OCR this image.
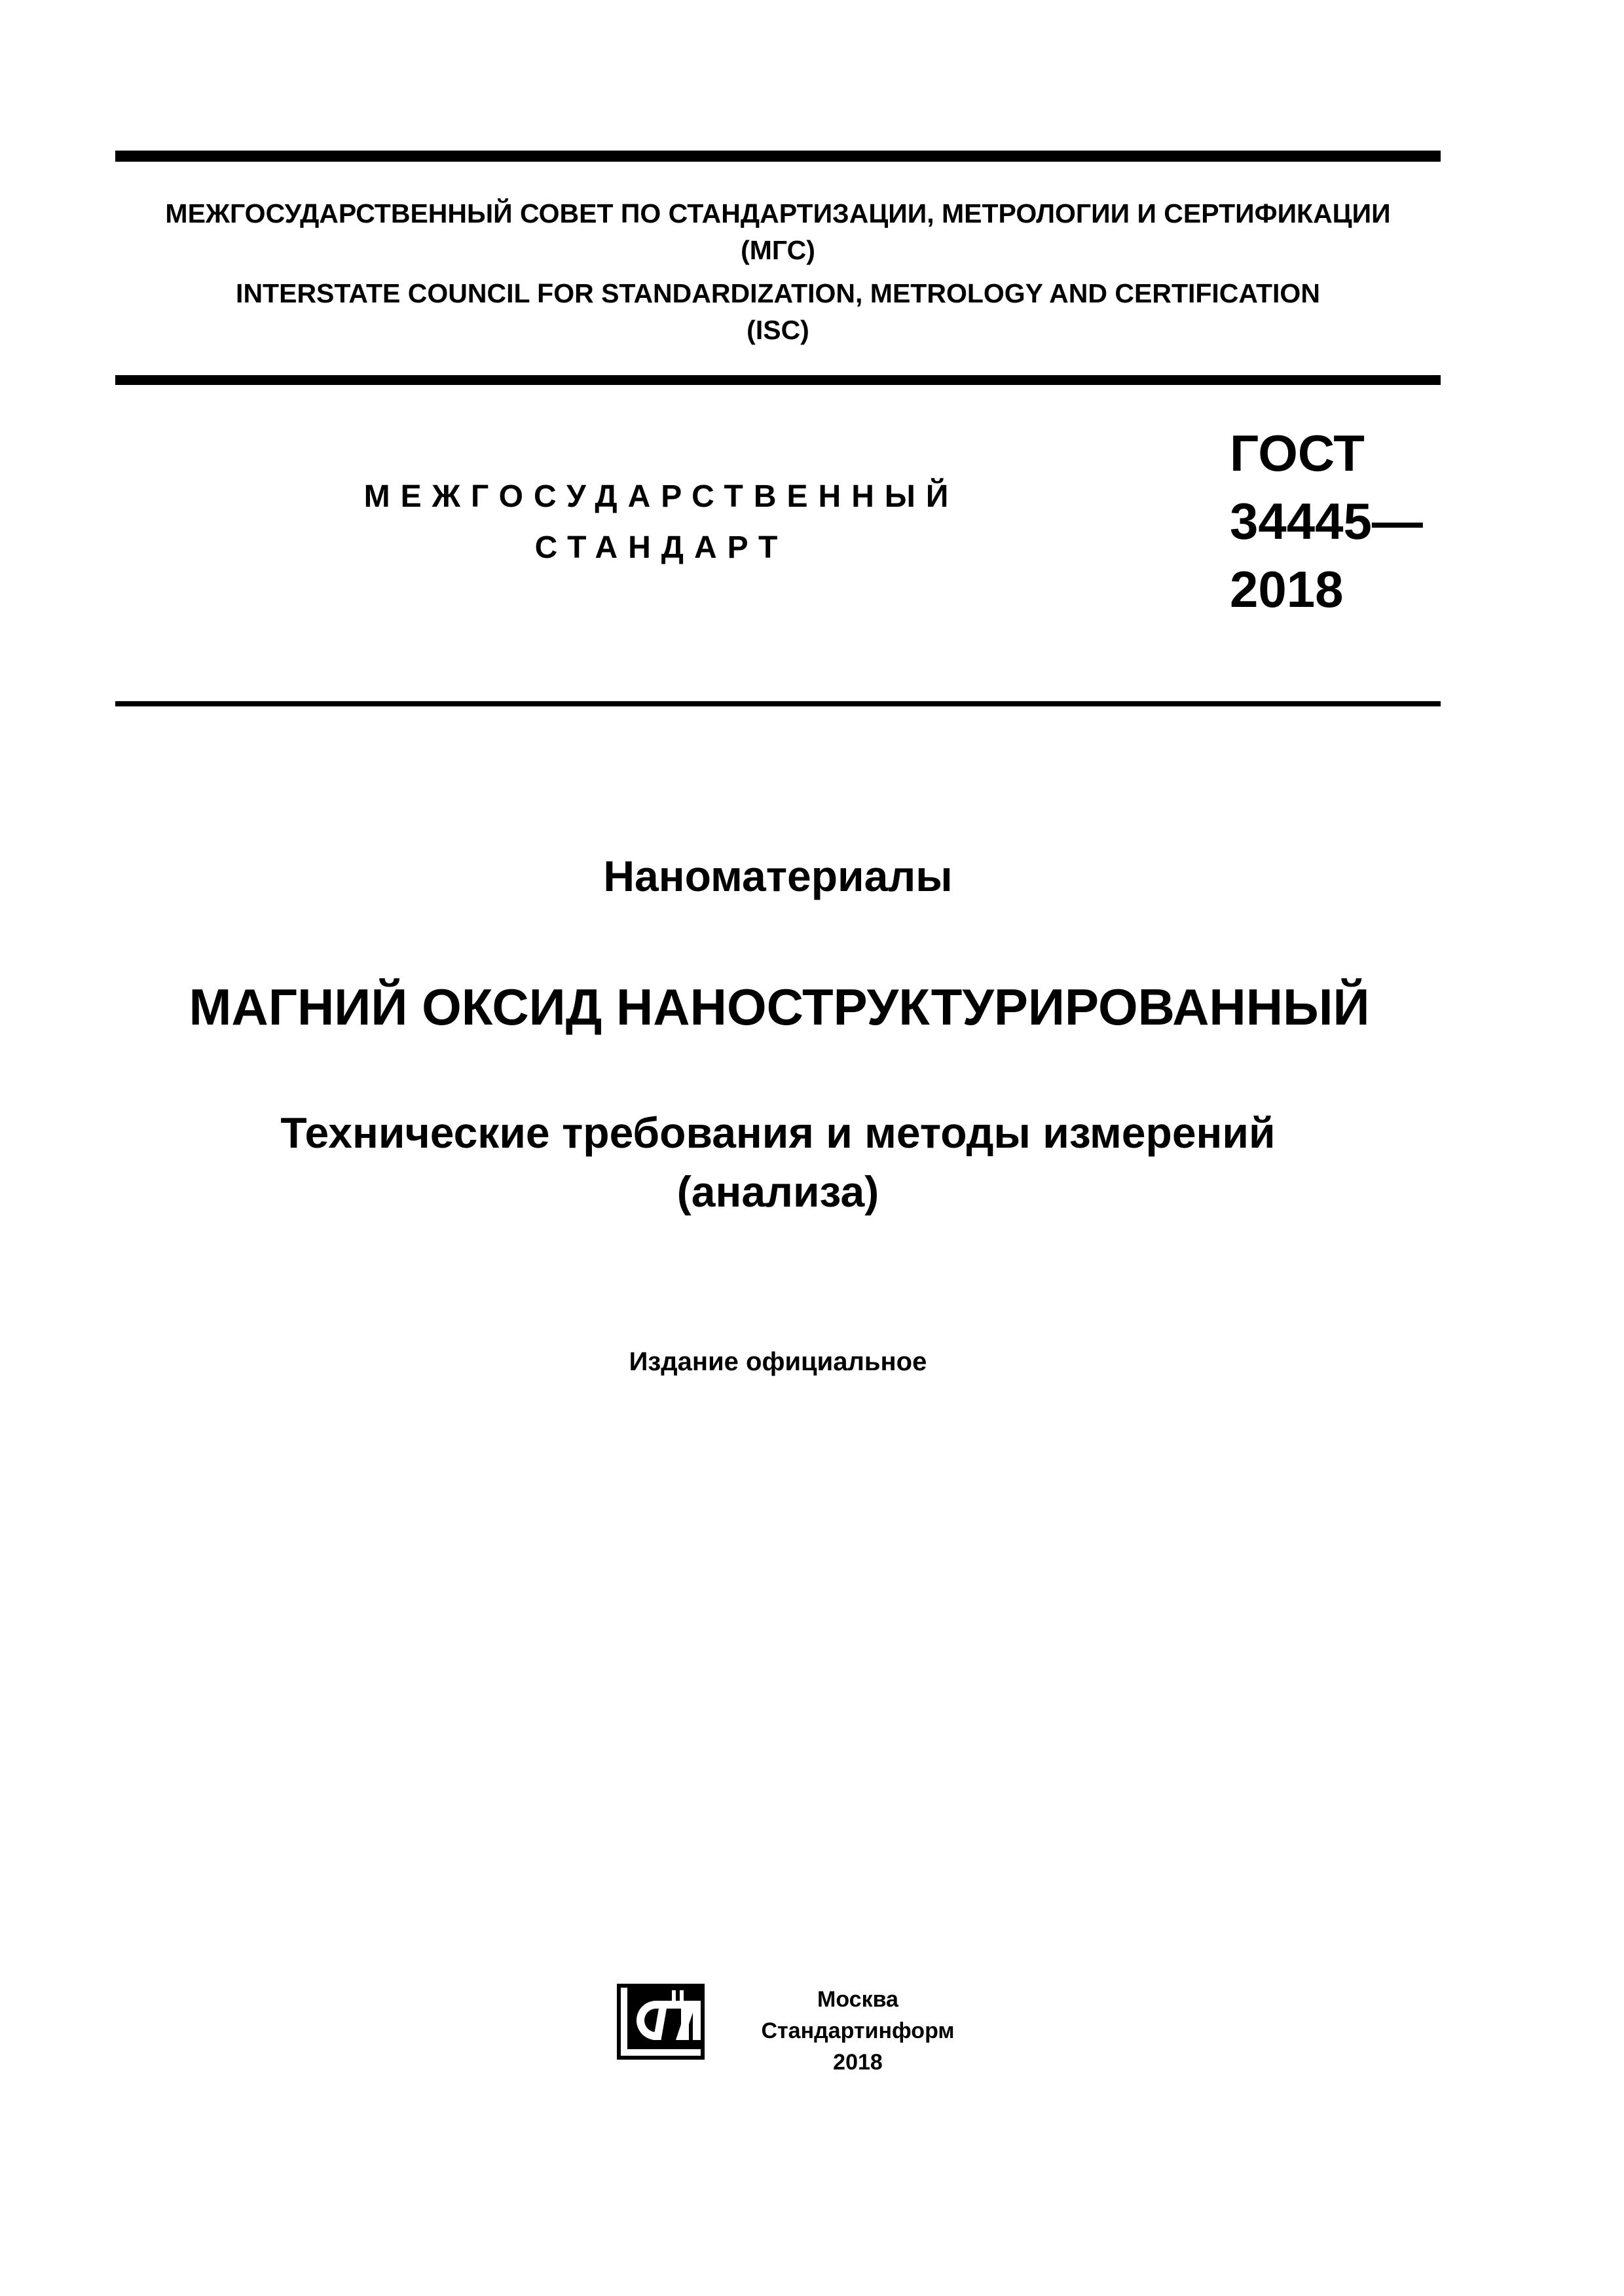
МЕЖГОСУДАРСТВЕННЫЙ СОВЕТ ПО СТАНДАРТИЗАЦИИ, МЕТРОЛОГИИ И СЕРТИФИКАЦИИ
(МГС)
INTERSTATE COUNCIL FOR STANDARDIZATION, METROLOGY AND CERTIFICATION
(ISC)
МЕЖГОСУДАРСТВЕННЫЙ
СТАНДАРТ
ГОСТ
34445—
2018
Наноматериалы
МАГНИЙ ОКСИД НАНОСТРУКТУРИРОВАННЫЙ
Технические требования и методы измерений
(анализа)
Издание официальное
Москва
Стандартинформ
2018
